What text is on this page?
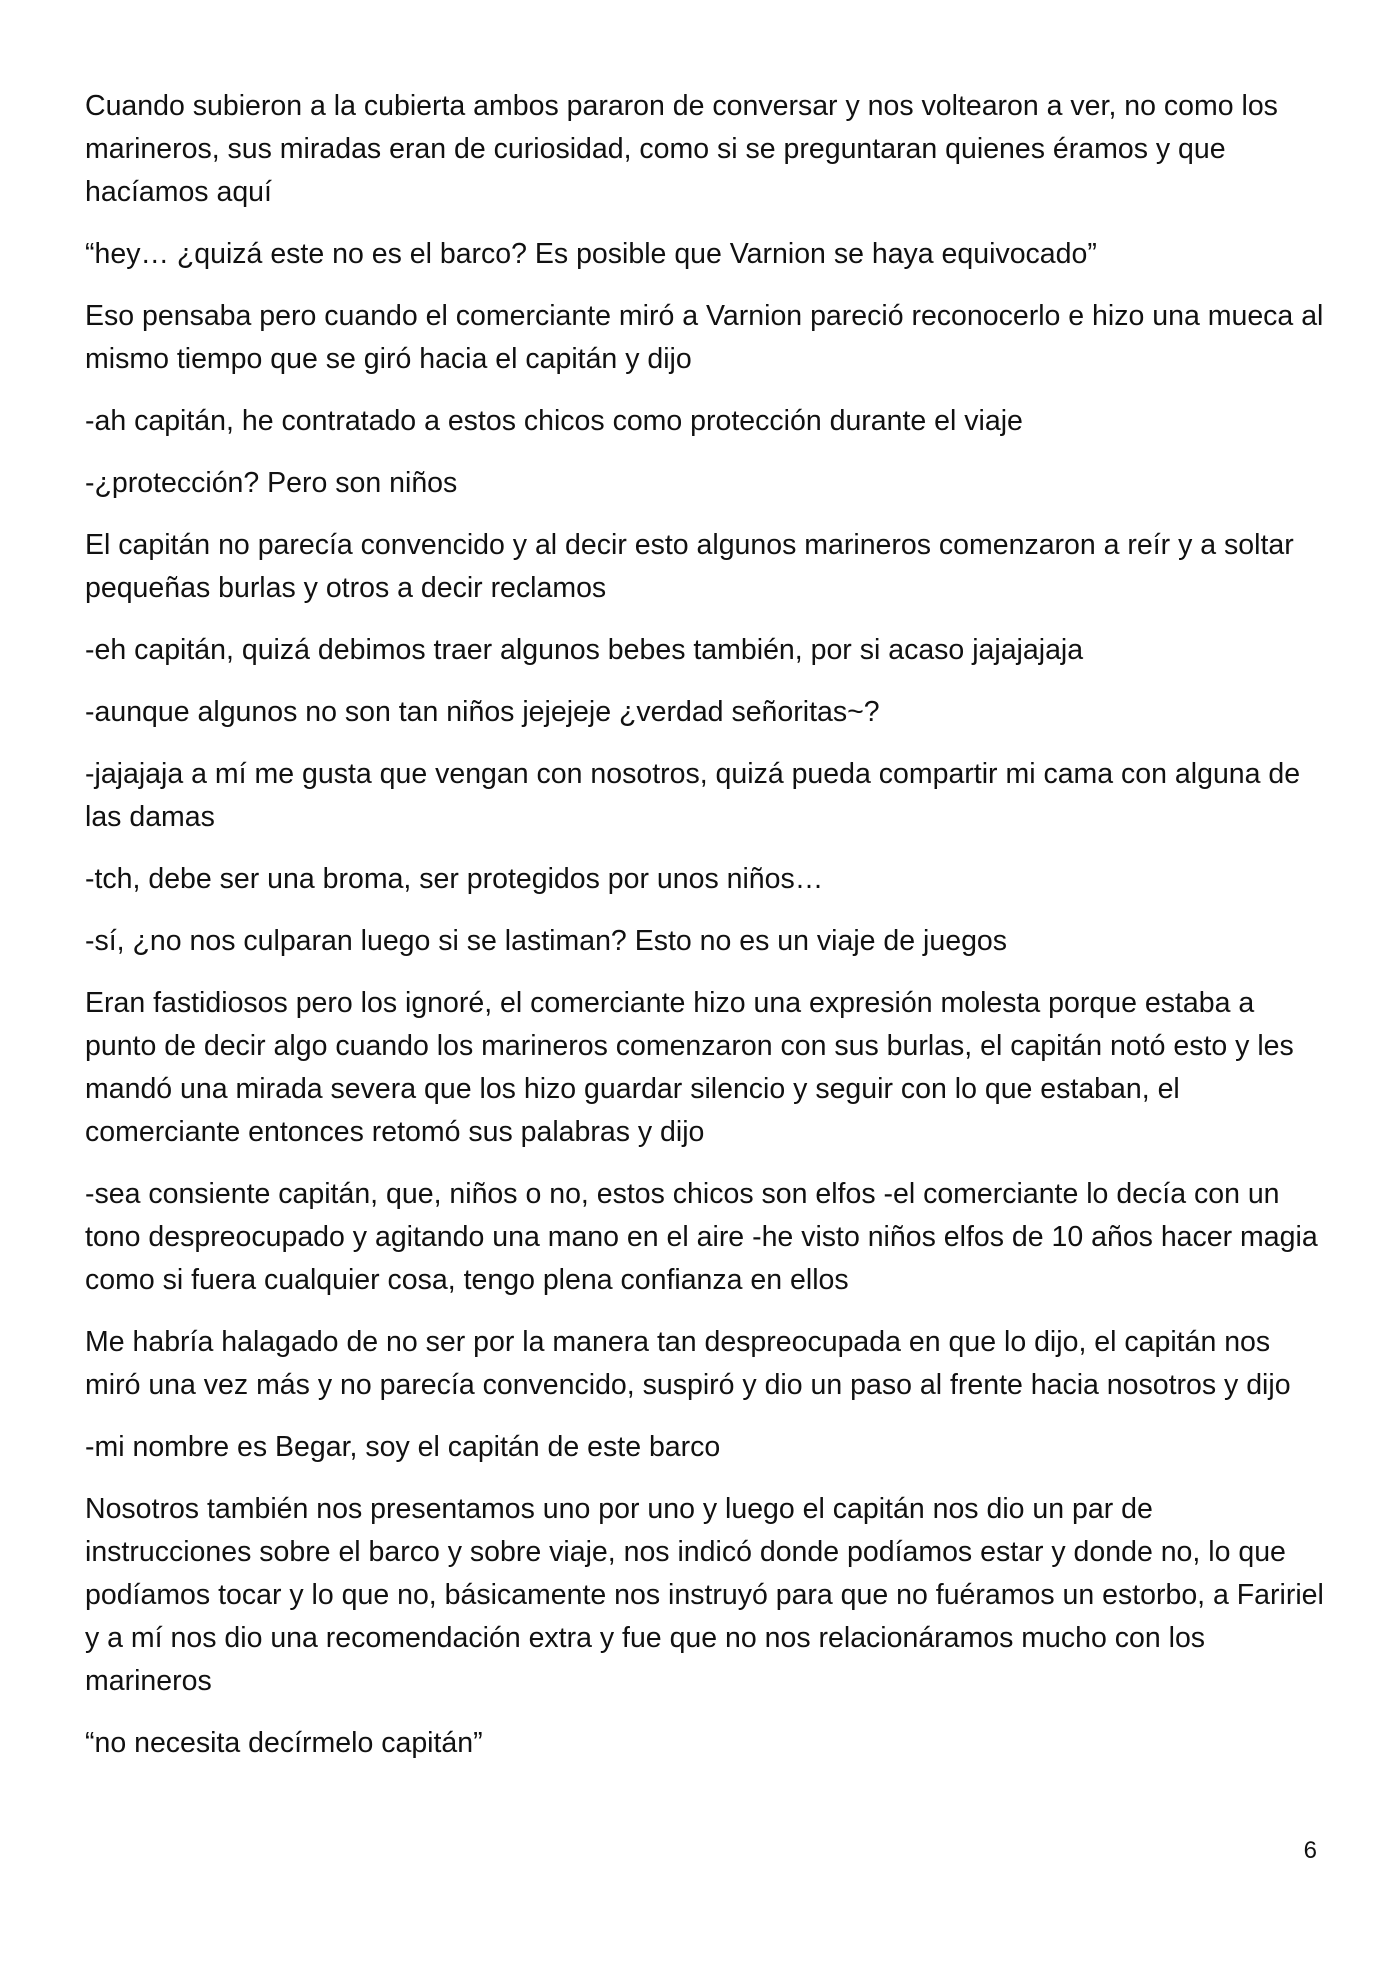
Cuando subieron a la cubierta ambos pararon de conversar y nos voltearon a ver, no como los marineros, sus miradas eran de curiosidad, como si se preguntaran quienes éramos y que hacíamos aquí

“hey… ¿quizá este no es el barco? Es posible que Varnion se haya equivocado”

Eso pensaba pero cuando el comerciante miró a Varnion pareció reconocerlo e hizo una mueca al mismo tiempo que se giró hacia el capitán y dijo

-ah capitán, he contratado a estos chicos como protección durante el viaje

-¿protección? Pero son niños

El capitán no parecía convencido y al decir esto algunos marineros comenzaron a reír y a soltar pequeñas burlas y otros a decir reclamos

-eh capitán, quizá debimos traer algunos bebes también, por si acaso jajajajaja

-aunque algunos no son tan niños jejejeje ¿verdad señoritas~?

-jajajaja a mí me gusta que vengan con nosotros, quizá pueda compartir mi cama con alguna de las damas

-tch, debe ser una broma, ser protegidos por unos niños…

-sí, ¿no nos culparan luego si se lastiman? Esto no es un viaje de juegos

Eran fastidiosos pero los ignoré, el comerciante hizo una expresión molesta porque estaba a punto de decir algo cuando los marineros comenzaron con sus burlas, el capitán notó esto y les mandó una mirada severa que los hizo guardar silencio y seguir con lo que estaban, el comerciante entonces retomó sus palabras y dijo

-sea consiente capitán, que, niños o no, estos chicos son elfos -el comerciante lo decía con un tono despreocupado y agitando una mano en el aire -he visto niños elfos de 10 años hacer magia como si fuera cualquier cosa, tengo plena confianza en ellos

Me habría halagado de no ser por la manera tan despreocupada en que lo dijo, el capitán nos miró una vez más y no parecía convencido, suspiró y dio un paso al frente hacia nosotros y dijo

-mi nombre es Begar, soy el capitán de este barco

Nosotros también nos presentamos uno por uno y luego el capitán nos dio un par de instrucciones sobre el barco y sobre viaje, nos indicó donde podíamos estar y donde no, lo que podíamos tocar y lo que no, básicamente nos instruyó para que no fuéramos un estorbo, a Faririel y a mí nos dio una recomendación extra y fue que no nos relacionáramos mucho con los marineros

“no necesita decírmelo capitán”

6
